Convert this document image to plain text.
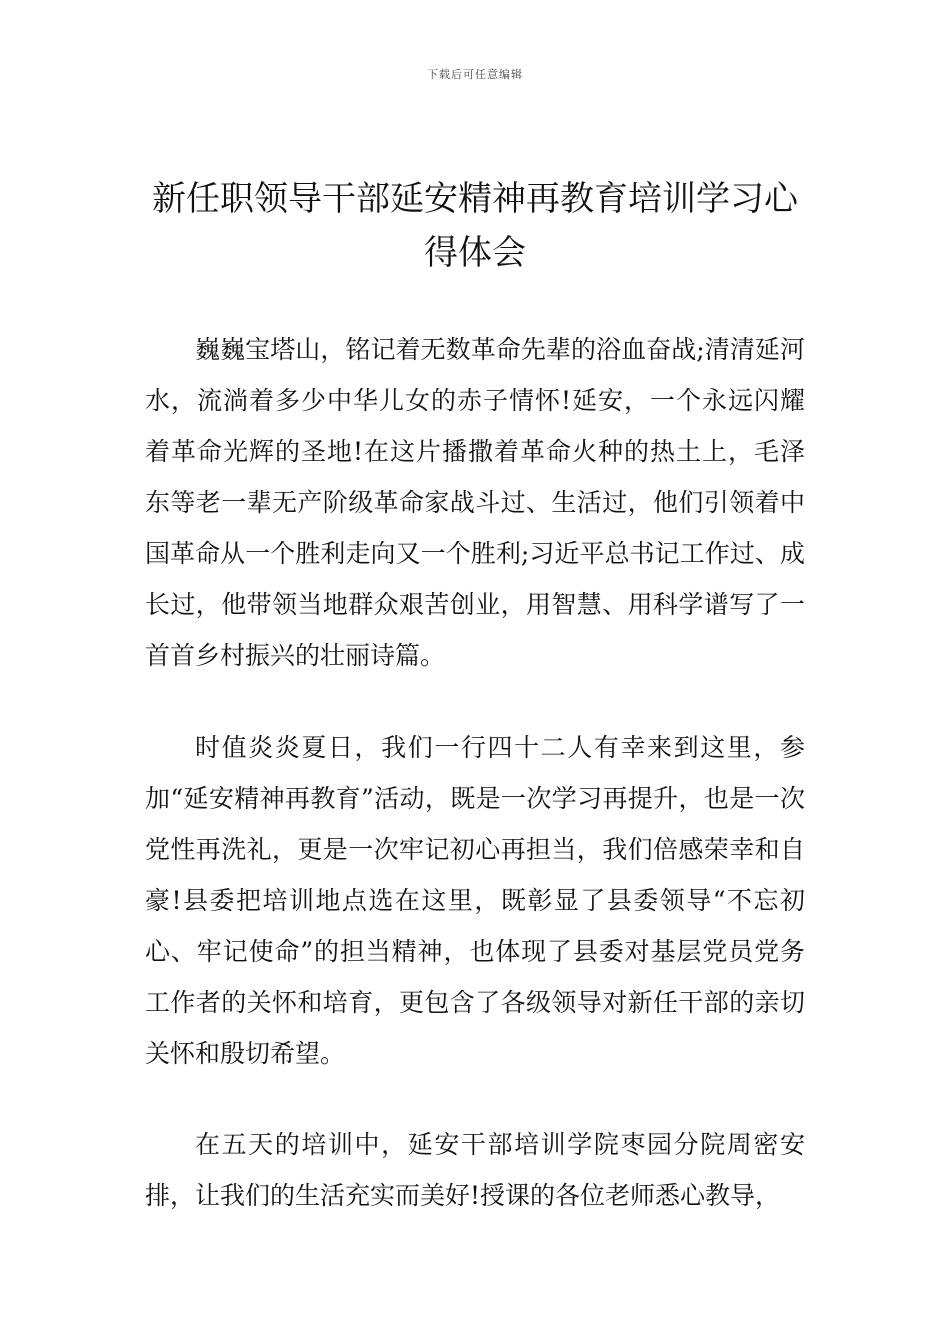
下载后可任意编辑
新任职领导干部延安精神再教育培训学习心得体会

巍巍宝塔山，铭记着无数革命先辈的浴血奋战;清清延河水，流淌着多少中华儿女的赤子情怀!延安，一个永远闪耀着革命光辉的圣地!在这片播撒着革命火种的热土上，毛泽东等老一辈无产阶级革命家战斗过、生活过，他们引领着中国革命从一个胜利走向又一个胜利;习近平总书记工作过、成长过，他带领当地群众艰苦创业，用智慧、用科学谱写了一首首乡村振兴的壮丽诗篇。

时值炎炎夏日，我们一行四十二人有幸来到这里，参加“延安精神再教育”活动，既是一次学习再提升，也是一次党性再洗礼，更是一次牢记初心再担当，我们倍感荣幸和自豪!县委把培训地点选在这里，既彰显了县委领导“不忘初心、牢记使命”的担当精神，也体现了县委对基层党员党务工作者的关怀和培育，更包含了各级领导对新任干部的亲切关怀和殷切希望。

在五天的培训中，延安干部培训学院枣园分院周密安排，让我们的生活充实而美好!授课的各位老师悉心教导，
